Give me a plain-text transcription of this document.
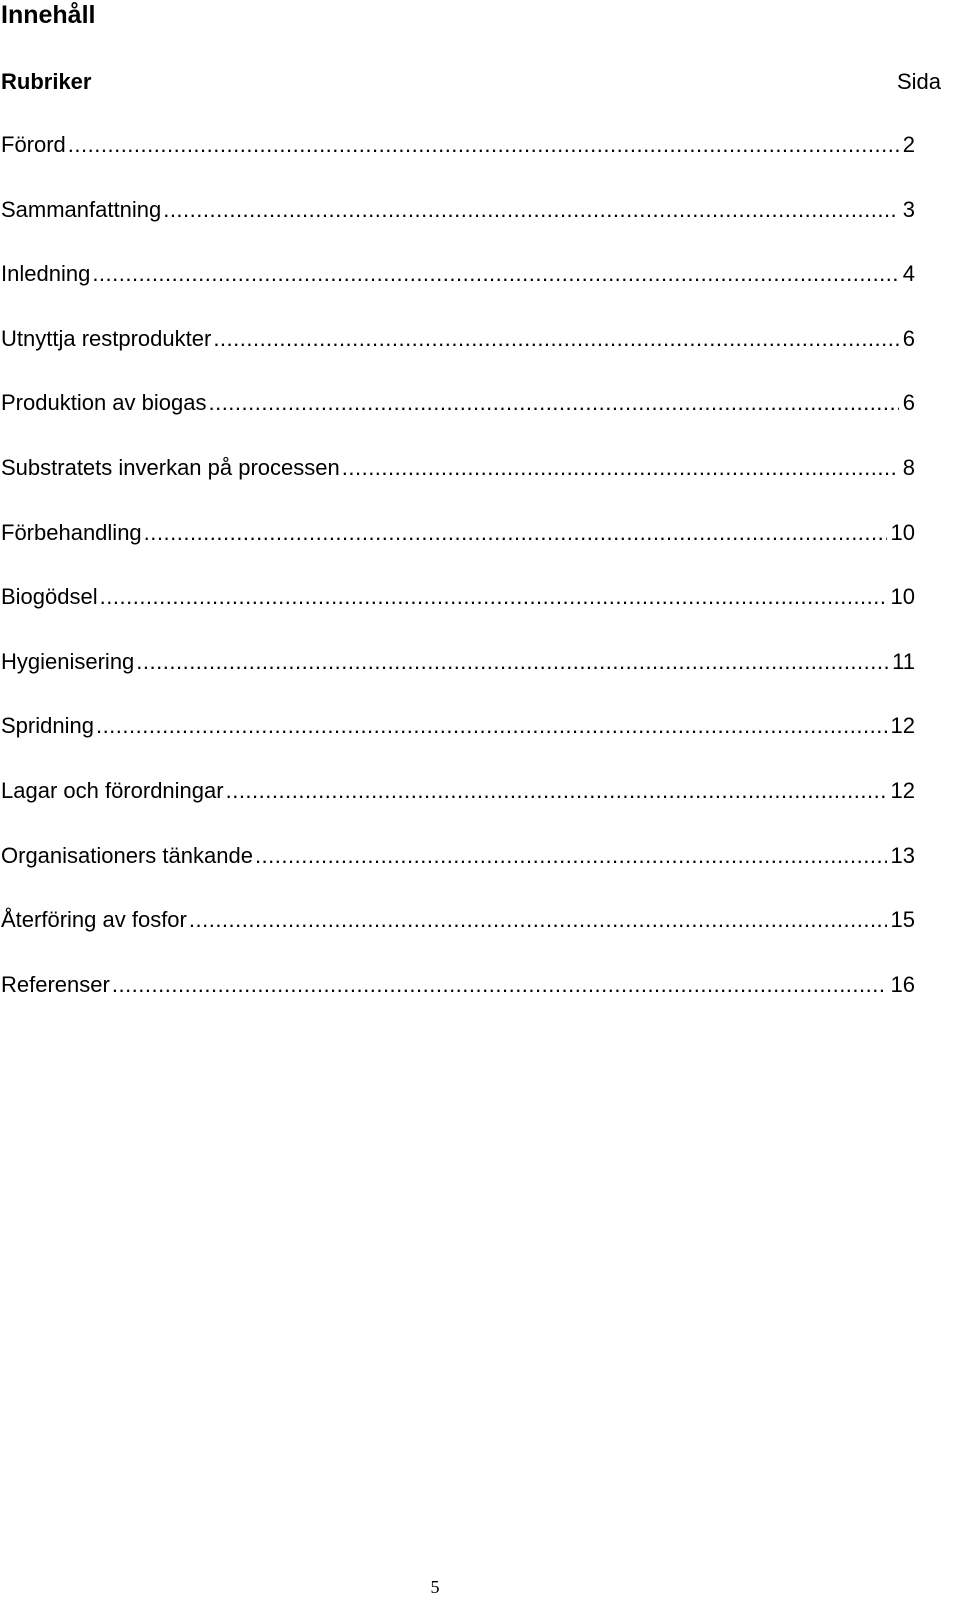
Innehåll
Rubriker	Sida
Förord .....	2
Sammanfattning .....	3
Inledning .....	4
Utnyttja restprodukter .....	6
Produktion av biogas .....	6
Substratets inverkan på processen .....	8
Förbehandling .....	10
Biogödsel .....	10
Hygienisering .....	11
Spridning .....	12
Lagar och förordningar .....	12
Organisationers tänkande .....	13
Återföring av fosfor .....	15
Referenser .....	16
5
